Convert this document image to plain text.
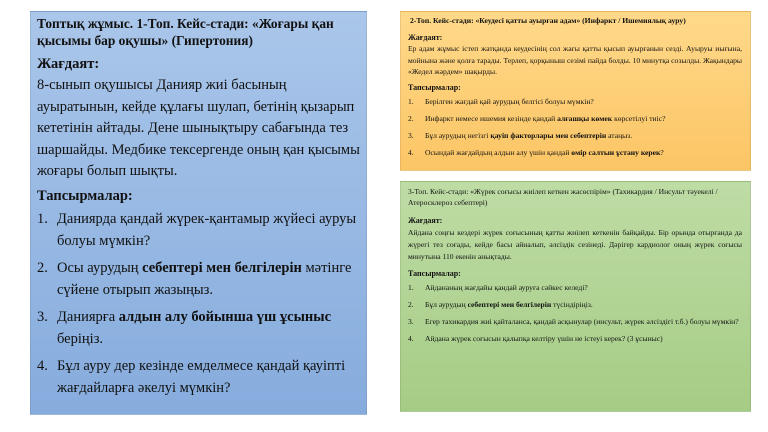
Топтық жұмыс. 1-Топ. Кейс-стади: «Жоғары қан қысымы бар оқушы» (Гипертония)
Жағдаят:
8-сынып оқушысы Данияр жиі басының ауыратынын, кейде құлағы шулап, бетінің қызарып кететінін айтады. Дене шынықтыру сабағында тез шаршайды. Медбике тексергенде оның қан қысымы жоғары болып шықты.
Тапсырмалар:
1. Даниярда қандай жүрек-қантамыр жүйесі ауруы болуы мүмкін?
2. Осы аурудың себептері мен белгілерін мәтінге сүйене отырып жазыңыз.
3. Даниярға алдын алу бойынша үш ұсыныс беріңіз.
4. Бұл ауру дер кезінде емделмесе қандай қауіпті жағдайларға әкелуі мүмкін?
2-Топ. Кейс-стади: «Кеудесі қатты ауырған адам» (Инфаркт / Ишемиялық ауру)
Жағдаят:
Ер адам жұмыс істеп жатқанда кеудесінің сол жағы қатты қысып ауырғанын сезді. Ауыруы иығына, мойнына және қолға тарады. Терлеп, қорқыныш сезімі пайда болды. 10 минутқа созылды. Жақындары «Жедел жәрдем» шақырды.
Тапсырмалар:
1.	Берілген жағдай қай аурудың белгісі болуы мүмкін?
2.	Инфаркт немесе ишемия кезінде қандай алғашқы көмек көрсетілуі тиіс?
3.	Бұл аурудың негізгі қауіп факторлары мен себептерін атаңыз.
4.	Осындай жағдайдың алдын алу үшін қандай өмір салтын ұстану керек?
3-Топ. Кейс-стади: «Жүрек соғысы жиілеп кеткен жасөспірім» (Тахикардия / Инсульт тәуекелі / Атеросклероз себептері)
Жағдаят:
Айдана соңғы кездері жүрек соғысының қатты жиілеп кеткенін байқайды. Бір орында отырғанда да жүрегі тез соғады, кейде басы айналып, әлсіздік сезінеді. Дәрігер кардиолог оның жүрек соғысы минутына 110 екенін анықтады.
Тапсырмалар:
1.	Айдананың жағдайы қандай ауруға сәйкес келеді?
2.	Бұл аурудың себептері мен белгілерін түсіндіріңіз.
3.	Егер тахикардия жиі қайталанса, қандай асқынулар (инсульт, жүрек әлсіздігі т.б.) болуы мүмкін?
4.	Айдана жүрек соғысын қалыпқа келтіру үшін не істеуі керек? (3 ұсыныс)
